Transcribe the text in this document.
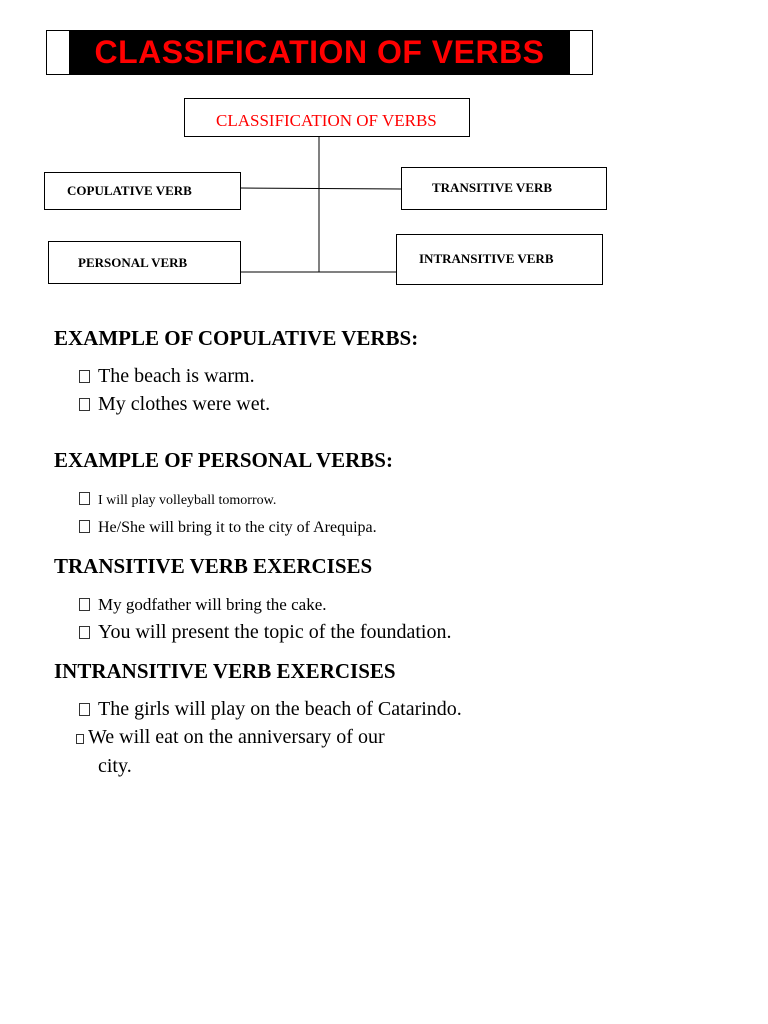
CLASSIFICATION OF VERBS
CLASSIFICATION OF VERBS
COPULATIVE VERB	TRANSITIVE VERB
PERSONAL VERB	INTRANSITIVE VERB
EXAMPLE OF COPULATIVE VERBS:
The beach is warm.
My clothes were wet.
EXAMPLE OF PERSONAL VERBS:
I will play volleyball tomorrow.
He/She will bring it to the city of Arequipa.
TRANSITIVE VERB EXERCISES
My godfather will bring the cake.
You will present the topic of the foundation.
INTRANSITIVE VERB EXERCISES
The girls will play on the beach of Catarindo.
We will eat on the anniversary of our
city.
